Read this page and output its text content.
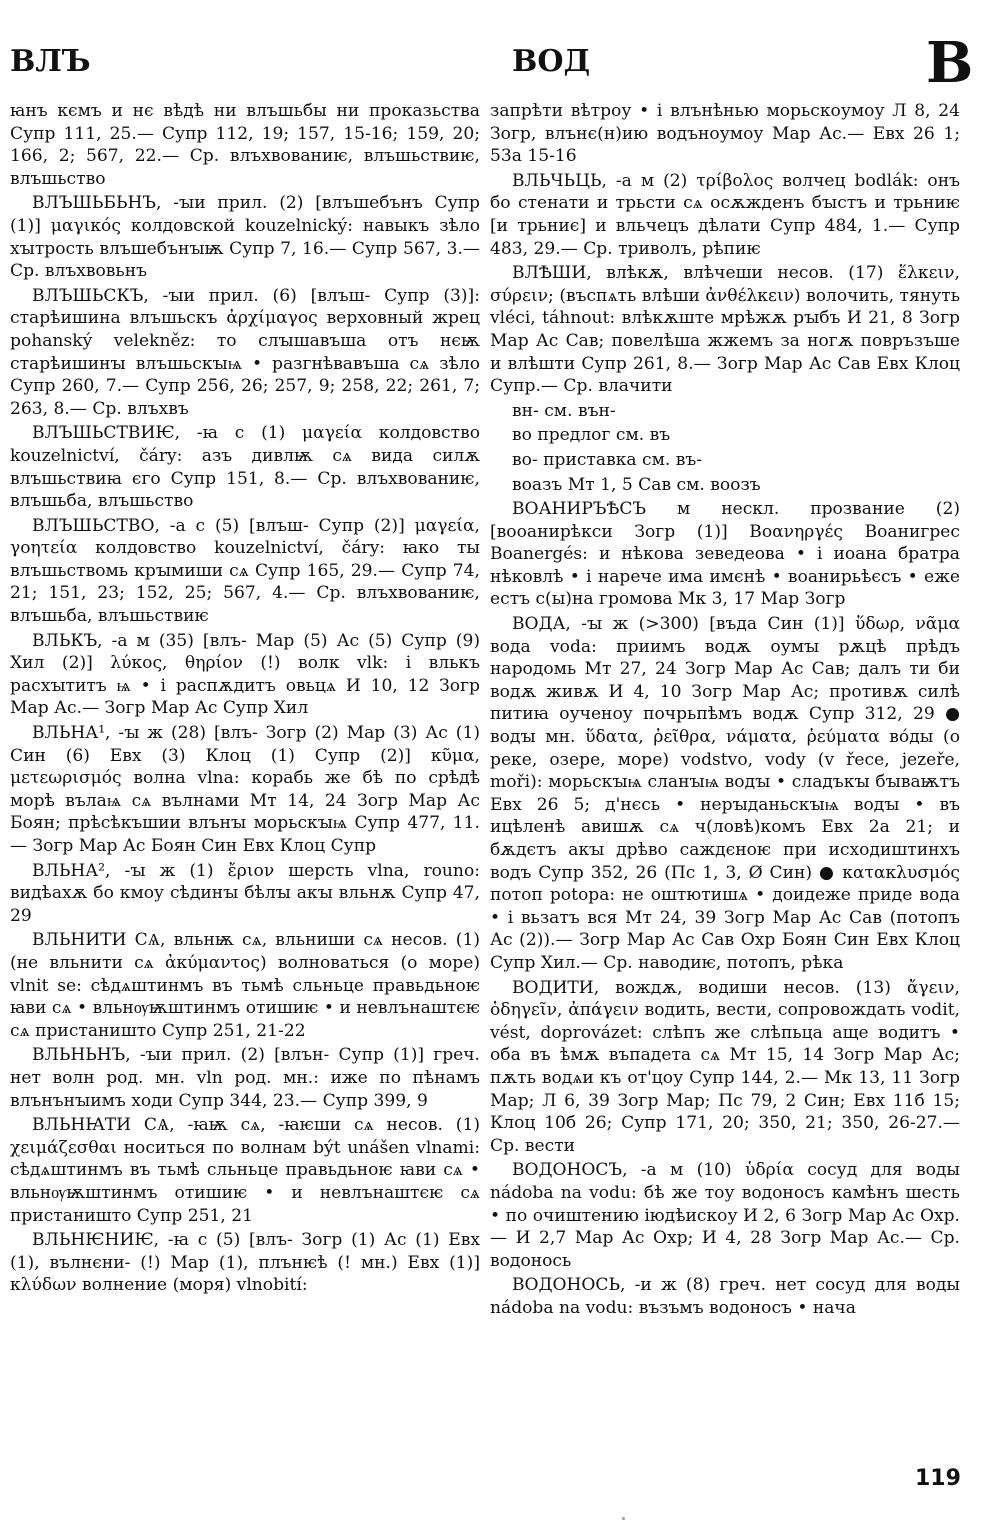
ВЛЪ	ВОД	В

ꙗнъ кємъ и нє вѣдѣ ни влъшьбы ни проказьства Супр 111, 25.— Супр 112, 19; 157, 15-16; 159, 20; 166, 2; 567, 22.— Ср. влъхвованиѥ, влъшьствиѥ, влъшьство

ВЛЪШЬБЬНЪ, -ꙑи прил. (2) [влъшебънъ Супр (1)] μαγικός колдовской kouzelnický: навыкъ зѣло хꙑтрость влъшебънꙑѭ Супр 7, 16.— Супр 567, 3.— Ср. влъхвовьнъ

ВЛЪШЬСКЪ, -ꙑи прил. (6) [влъш- Супр (3)]: старѣишина влъшьскъ ἀρχίμαγος верховный жрец pohanský velekněz: то слꙑшавъша отъ нєѭ старѣишинꙑ влъшьскꙑѩ • разгнѣвавъша сѧ зѣло Супр 260, 7.— Супр 256, 26; 257, 9; 258, 22; 261, 7; 263, 8.— Ср. влъхвъ

ВЛЪШЬСТВИѤ, -ꙗ с (1) μαγεία колдовство kouzelnictví, čáry: азъ дивлѭ сѧ вида силѫ влъшьствиꙗ єго Супр 151, 8.— Ср. влъхвованиѥ, влъшьба, влъшьство

ВЛЪШЬСТВО, -а с (5) [влъш- Супр (2)] μαγεία, γοητεία колдовство kouzelnictví, čáry: ꙗко ты влъшьствомь крꙑмиши сѧ Супр 165, 29.— Супр 74, 21; 151, 23; 152, 25; 567, 4.— Ср. влъхвованиѥ, влъшьба, влъшьствиѥ

ВЛЬКЪ, -а м (35) [влъ- Мар (5) Ас (5) Супр (9) Хил (2)] λύκος, θηρίον (!) волк vlk: і влькъ расхꙑтитъ ѩ • і распѫдитъ овьцѧ И 10, 12 Зогр Мар Ас.— Зогр Мар Ас Супр Хил

ВЛЬНА¹, -ꙑ ж (28) [влъ- Зогр (2) Мар (3) Ас (1) Син (6) Евх (3) Клоц (1) Супр (2)] κῦμα, μετεωρισμός волна vlna: корабь же бѣ по срѣдѣ морѣ вълаѩ сѧ вълнами Мт 14, 24 Зогр Мар Ас Боян; прѣсѣкъшии влънꙑ морьскꙑѩ Супр 477, 11.— Зогр Мар Ас Боян Син Евх Клоц Супр

ВЛЬНА², -ꙑ ж (1) ἔριον шерсть vlna, rouno: видѣахѫ бо кмоу сѣдинꙑ бѣлꙑ акꙑ вльнѫ Супр 47, 29

ВЛЬНИТИ СѦ, вльнѭ сѧ, вльниши сѧ несов. (1) (не вльнити сѧ ἀκύμαντος) волноваться (о море) vlnit se: сѣдѧштинмъ въ тьмѣ сльньце правьдьноѥ ꙗви сѧ • вльнѹѭштинмъ отишиѥ • и невлънаштєѥ сѧ пристаништо Супр 251, 21-22

ВЛЬНЬНЪ, -ꙑи прил. (2) [влън- Супр (1)] греч. нет волн род. мн. vln род. мн.: иже по пѣнамъ влънънꙑимъ ходи Супр 344, 23.— Супр 399, 9

ВЛЬНꙖТИ СѦ, -ꙗѭ сѧ, -ꙗѥши сѧ несов. (1) χειμάζεσθαι носиться по волнам být unášen vlnami: сѣдѧштинмъ въ тьмѣ сльньце правьдьноѥ ꙗви сѧ • вльнѹѭштинмъ отишиѥ • и невлънаштєѥ сѧ пристаништо Супр 251, 21

ВЛЬНѤНИѤ, -ꙗ с (5) [влъ- Зогр (1) Ас (1) Евх (1), вълнєни- (!) Мар (1), плънѥѣ (! мн.) Евх (1)] κλύδων волнение (моря) vlnobití:

запрѣти вѣтроу • і влънѣнью морьскоумоу Л 8, 24 Зогр, влънє(н)ию водъноумоу Мар Ас.— Евх 26 1; 53а 15-16

ВЛЬЧЬЦЬ, -а м (2) τρίβολος волчец bodlák: онъ бо стенати и трьсти сѧ осѫжденъ бꙑстъ и трьниѥ [и трьниє] и вльчецъ дѣлати Супр 484, 1.— Супр 483, 29.— Ср. триволъ, рѣпиѥ

ВЛѢШИ, влѣкѫ, влѣчеши несов. (17) ἕλκειν, σύρειν; (въспѧть влѣши ἀνθέλκειν) волочить, тянуть vléci, táhnout: влѣкѫште мрѣжѫ рꙑбъ И 21, 8 Зогр Мар Ас Сав; повелѣша жжемъ за ногѫ повръзъше и влѣшти Супр 261, 8.— Зогр Мар Ас Сав Евх Клоц Супр.— Ср. влачити

вн- см. вън-

во предлог см. въ

во- приставка см. въ-

воазъ Мт 1, 5 Сав см. воозъ

ВОАНИРЪѢСЪ м нескл. прозвание (2) [вооанирѣкси Зогр (1)] Βοανηργές Воанигрес Boanergés: и нѣкова зеведеова • і иоана братра нѣковлѣ • і нарече има имєнѣ • воанирьѣєсъ • еже естъ с(ы)на громова Мк 3, 17 Мар Зогр

ВОДА, -ꙑ ж (>300) [въда Син (1)] ὕδωρ, νᾶμα вода voda: приимъ водѫ оумꙑ рѫцѣ прѣдъ народомь Мт 27, 24 Зогр Мар Ас Сав; далъ ти би водѫ живѫ И 4, 10 Зогр Мар Ас; противѫ силѣ питиꙗ оученоу почрьпѣмъ водѫ Супр 312, 29 ● водꙑ мн. ὕδατα, ῥεῖθρα, νάματα, ῥεύματα во́ды (о реке, озере, море) vodstvo, vody (v řece, jezeře, moři): морьскꙑѩ сланꙑѩ водꙑ • сладъкꙑ бꙑваѭтъ Евх 26 5; д'нєсь • нерꙑданьскꙑѩ водꙑ • въ ицѣленѣ авишѫ сѧ ч(ловѣ)комъ Евх 2а 21; и бѫдєтъ акꙑ дрѣво саждєноѥ при исходиштинхъ водъ Супр 352, 26 (Пс 1, 3, Ø Син) ● κατακλυσμός потоп potopa: не оштютишѧ • доидеже приде вода • і вьзатъ вся Мт 24, 39 Зогр Мар Ас Сав (потопъ Ас (2)).— Зогр Мар Ас Сав Охр Боян Син Евх Клоц Супр Хил.— Ср. наводиѥ, потопъ, рѣка

ВОДИТИ, вождѫ, водиши несов. (13) ἄγειν, ὁδηγεῖν, ἀπάγειν водить, вести, сопровождать vodit, vést, doprovázet: слѣпъ же слѣпьца аще водитъ • оба въ ѣмѫ въпадета сѧ Мт 15, 14 Зогр Мар Ас; пѫть водѧи къ от'цоу Супр 144, 2.— Мк 13, 11 Зогр Мар; Л 6, 39 Зогр Мар; Пс 79, 2 Син; Евх 11б 15; Клоц 10б 26; Супр 171, 20; 350, 21; 350, 26-27.— Ср. вести

ВОДОНОСЪ, -а м (10) ὑδρία сосуд для воды nádoba na vodu: бѣ же тоу водоносъ камѣнъ шесть • по очиштению іюдѣискоу И 2, 6 Зогр Мар Ас Охр.— И 2,7 Мар Ас Охр; И 4, 28 Зогр Мар Ас.— Ср. водонось

ВОДОНОСЬ, -и ж (8) греч. нет сосуд для воды nádoba na vodu: възъмъ водоносъ • нача

119
